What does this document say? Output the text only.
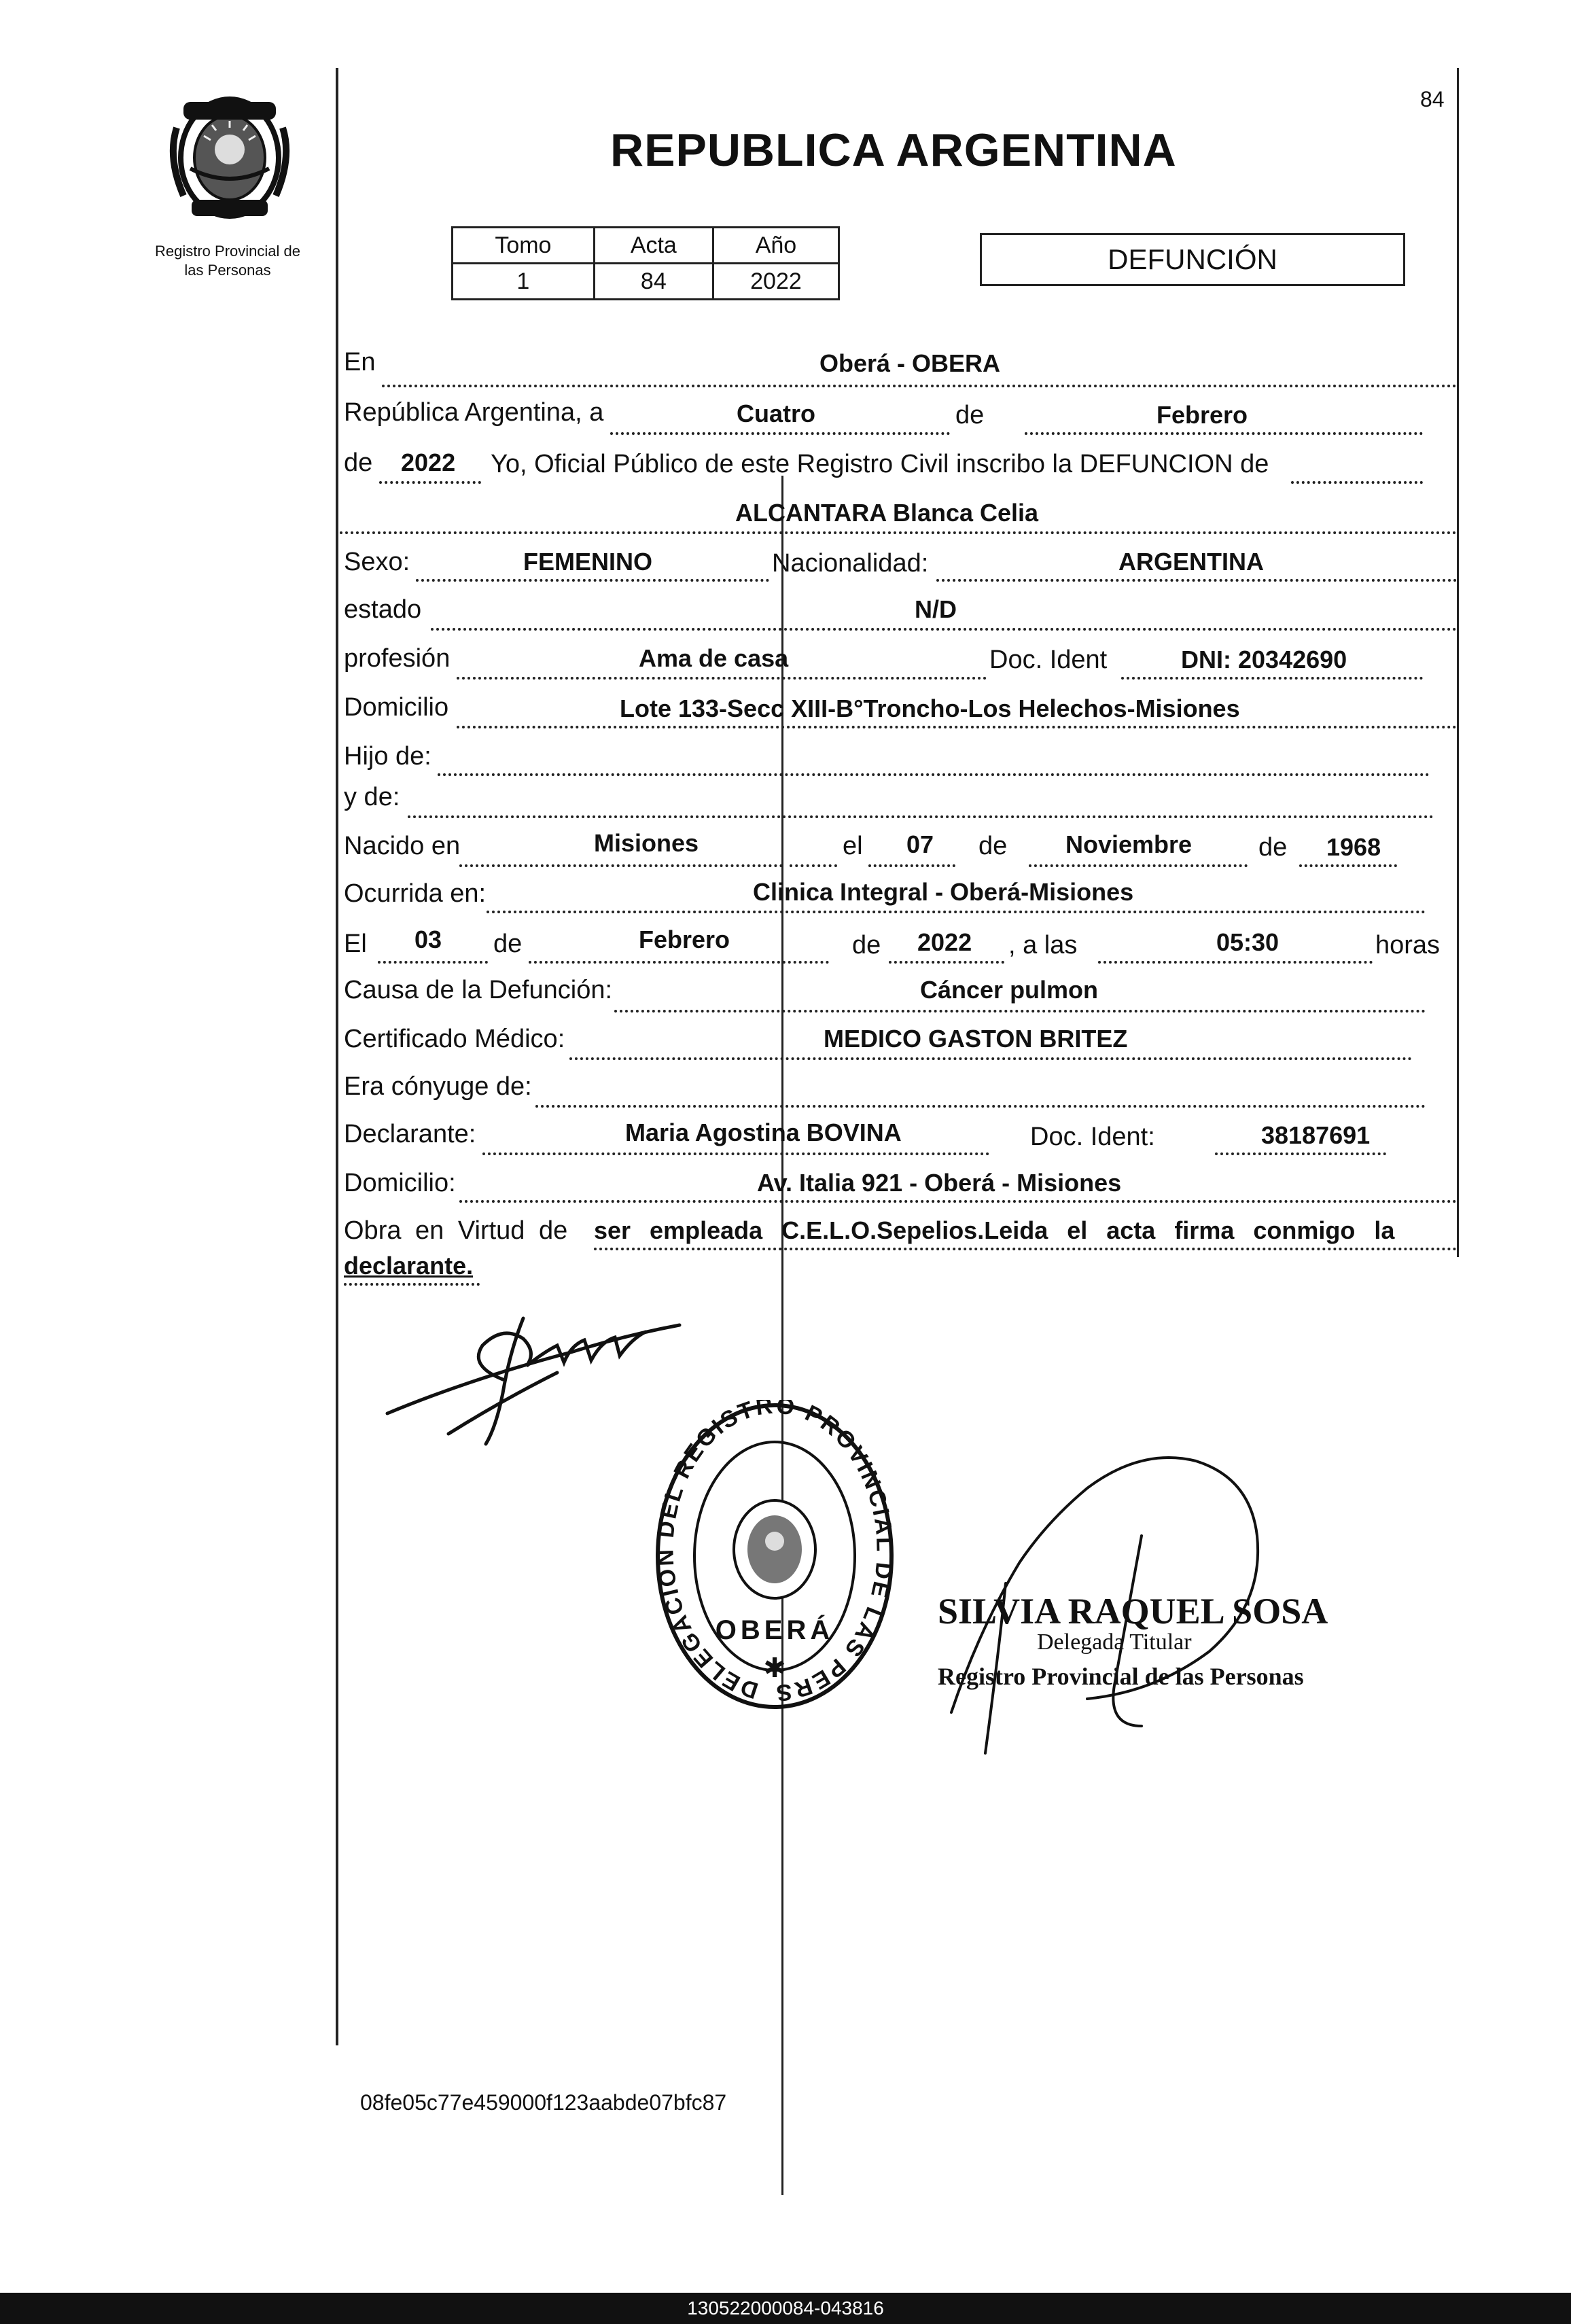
Registro Provincial de
las Personas
84
REPUBLICA ARGENTINA
Tomo	Acta	Año
1	84	2022
DEFUNCIÓN
En	Oberá - OBERA
República Argentina, a	Cuatro	de	Febrero
de 2022 Yo, Oficial Público de este Registro Civil inscribo la DEFUNCION de
ALCANTARA Blanca Celia
Sexo:	FEMENINO	Nacionalidad:	ARGENTINA
estado	N/D
profesión	Ama de casa	Doc. Ident	DNI: 20342690
Domicilio	Lote 133-Secc XIII-B°Troncho-Los Helechos-Misiones
Hijo de:
y de:
Nacido en	Misiones	el 07 de Noviembre	de 1968
Ocurrida en:	Clinica Integral - Oberá-Misiones
El 03 de	Febrero	de 2022 , a las	05:30	horas
Causa de la Defunción:	Cáncer pulmon
Certificado Médico:	MEDICO GASTON BRITEZ
Era cónyuge de:
Declarante:	Maria Agostina BOVINA	Doc. Ident:	38187691
Domicilio:	Av. Italia 921 - Oberá - Misiones
Obra en Virtud de ser empleada C.E.L.O.Sepelios.Leida el acta firma conmigo la
declarante.
DELEGACION DEL REGISTRO PROVINCIAL DE LAS PERS
OBERÁ
✱
SILVIA RAQUEL SOSA
Delegada Titular
Registro Provincial de las Personas
08fe05c77e459000f123aabde07bfc87
130522000084-043816
